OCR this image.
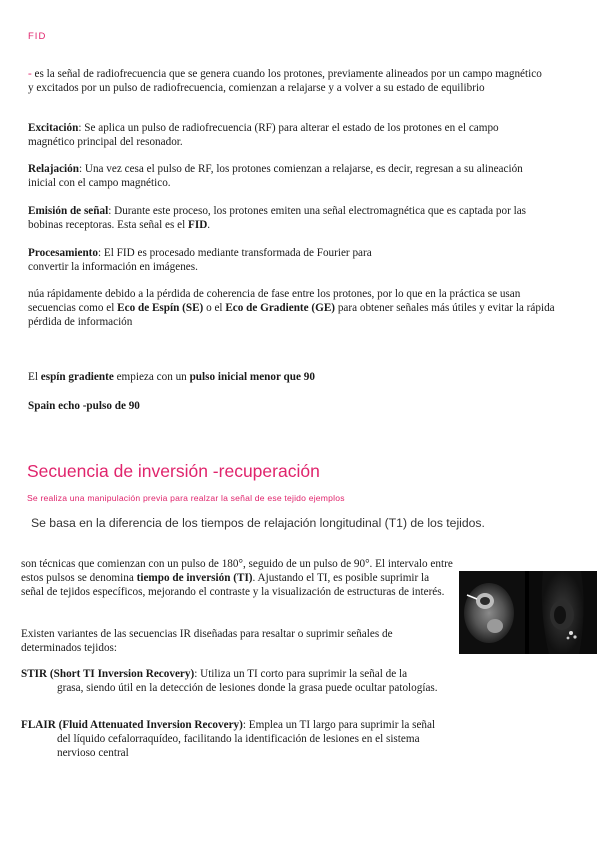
FID
- es la señal de radiofrecuencia que se genera cuando los protones, previamente alineados por un campo magnético y excitados por un pulso de radiofrecuencia, comienzan a relajarse y a volver a su estado de equilibrio
Excitación: Se aplica un pulso de radiofrecuencia (RF) para alterar el estado de los protones en el campo magnético principal del resonador.
Relajación: Una vez cesa el pulso de RF, los protones comienzan a relajarse, es decir, regresan a su alineación inicial con el campo magnético.
Emisión de señal: Durante este proceso, los protones emiten una señal electromagnética que es captada por las bobinas receptoras. Esta señal es el FID.
Procesamiento: El FID es procesado mediante transformada de Fourier para
convertir la información en imágenes.
núa rápidamente debido a la pérdida de coherencia de fase entre los protones, por lo que en la práctica se usan secuencias como el Eco de Espín (SE) o el Eco de Gradiente (GE) para obtener señales más útiles y evitar la rápida pérdida de información
El espín gradiente empieza con un pulso inicial menor que 90
Spain echo -pulso de 90
Secuencia de inversión -recuperación
Se realiza una manipulación previa para realzar la señal de ese tejido ejemplos
Se basa en la diferencia de los tiempos de relajación longitudinal (T1) de los tejidos.
son técnicas que comienzan con un pulso de 180°, seguido de un pulso de 90°. El intervalo entre estos pulsos se denomina tiempo de inversión (TI). Ajustando el TI, es posible suprimir la señal de tejidos específicos, mejorando el contraste y la visualización de estructuras de interés.
Existen variantes de las secuencias IR diseñadas para resaltar o suprimir señales de determinados tejidos:
STIR (Short TI Inversion Recovery): Utiliza un TI corto para suprimir la señal de la
grasa, siendo útil en la detección de lesiones donde la grasa puede ocultar patologías.
FLAIR (Fluid Attenuated Inversion Recovery): Emplea un TI largo para suprimir la señal
del líquido cefalorraquídeo, facilitando la identificación de lesiones en el sistema
nervioso central
